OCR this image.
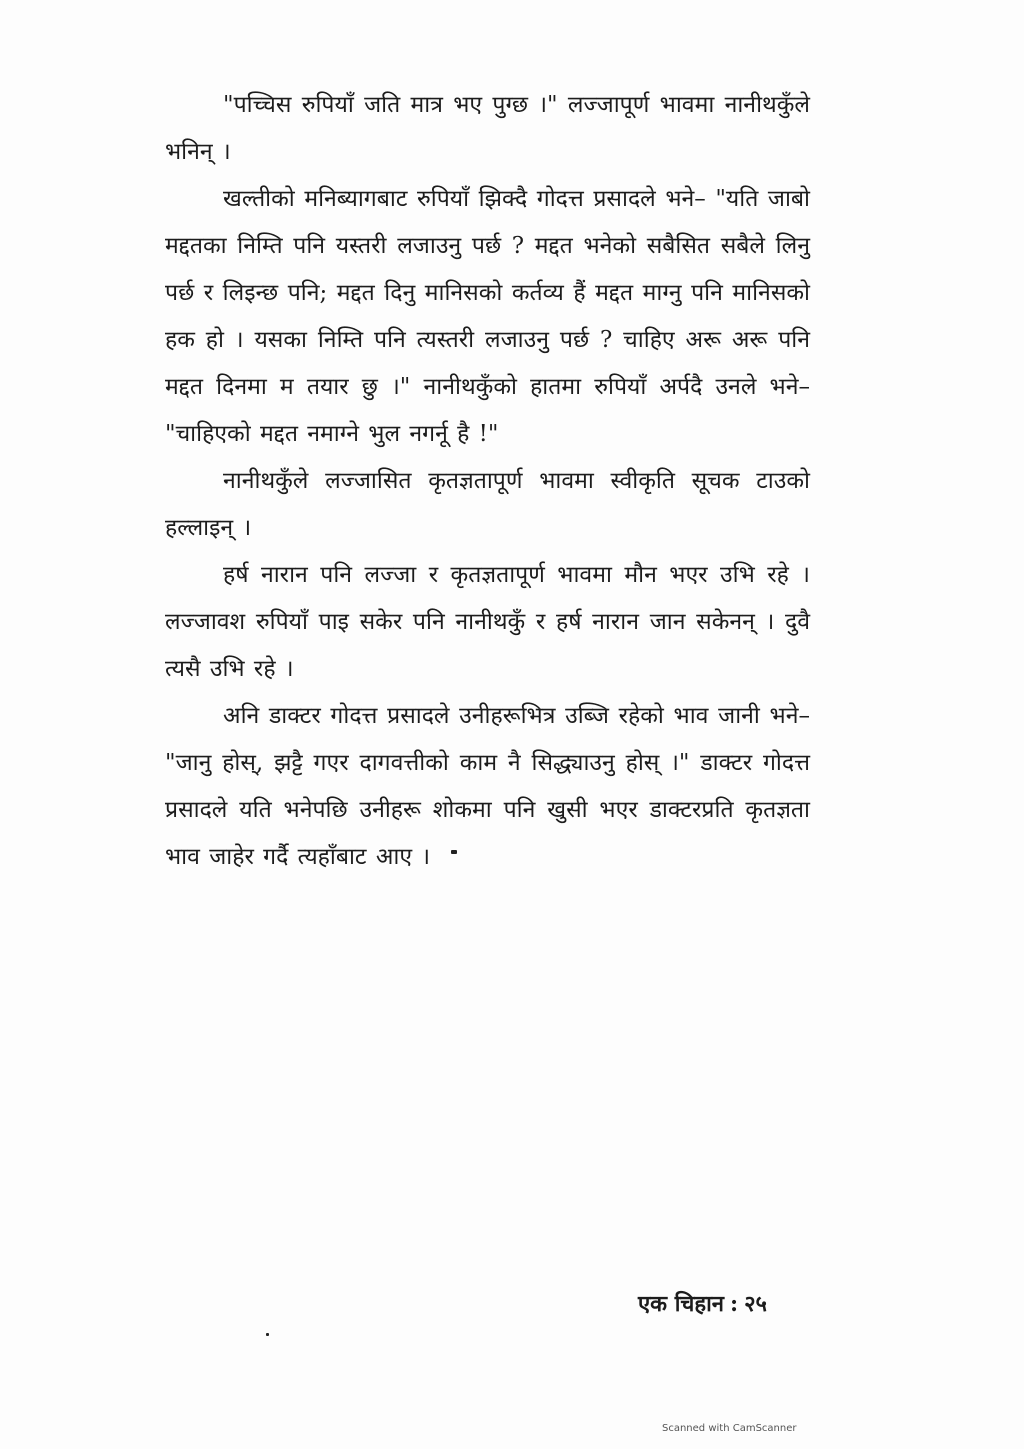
"पच्चिस रुपियाँ जति मात्र भए पुग्छ ।" लज्जापूर्ण भावमा नानीथकुँले भनिन् ।

खल्तीको मनिब्यागबाट रुपियाँ झिक्दै गोदत्त प्रसादले भने– "यति जाबो मद्दतका निम्ति पनि यस्तरी लजाउनु पर्छ ? मद्दत भनेको सबैसित सबैले लिनु पर्छ र लिइन्छ पनि; मद्दत दिनु मानिसको कर्तव्य हैं मद्दत माग्नु पनि मानिसको हक हो । यसका निम्ति पनि त्यस्तरी लजाउनु पर्छ ? चाहिए अरू अरू पनि मद्दत दिनमा म तयार छु ।" नानीथकुँको हातमा रुपियाँ अर्पदै उनले भने– "चाहिएको मद्दत नमाग्ने भुल नगर्नू है !"

नानीथकुँले लज्जासित कृतज्ञतापूर्ण भावमा स्वीकृति सूचक टाउको हल्लाइन् ।

हर्ष नारान पनि लज्जा र कृतज्ञतापूर्ण भावमा मौन भएर उभि रहे । लज्जावश रुपियाँ पाइ सकेर पनि नानीथकुँ र हर्ष नारान जान सकेनन् । दुवै त्यसै उभि रहे ।

अनि डाक्टर गोदत्त प्रसादले उनीहरूभित्र उब्जि रहेको भाव जानी भने– "जानु होस्, झट्टै गएर दागवत्तीको काम नै सिद्ध्याउनु होस् ।" डाक्टर गोदत्त प्रसादले यति भनेपछि उनीहरू शोकमा पनि खुसी भएर डाक्टरप्रति कृतज्ञता भाव जाहेर गर्दै त्यहाँबाट आए ।

एक चिहान : २५
Scanned with CamScanner
